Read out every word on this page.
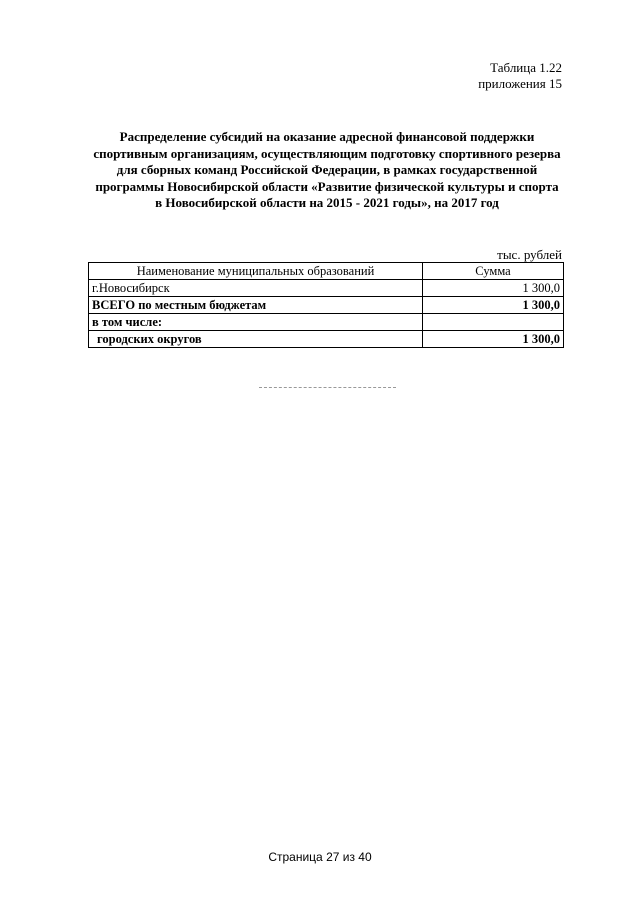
Таблица 1.22
приложения 15
Распределение субсидий на оказание адресной финансовой поддержки
спортивным организациям, осуществляющим подготовку спортивного резерва
для сборных команд Российской Федерации, в рамках государственной
программы Новосибирской области «Развитие физической культуры и спорта
в Новосибирской области на 2015 - 2021 годы», на 2017 год
тыс. рублей
Наименование муниципальных образований	Сумма
г.Новосибирск	1 300,0
ВСЕГО по местным бюджетам	1 300,0
в том числе:	
городских округов	1 300,0
Страница 27 из 40
